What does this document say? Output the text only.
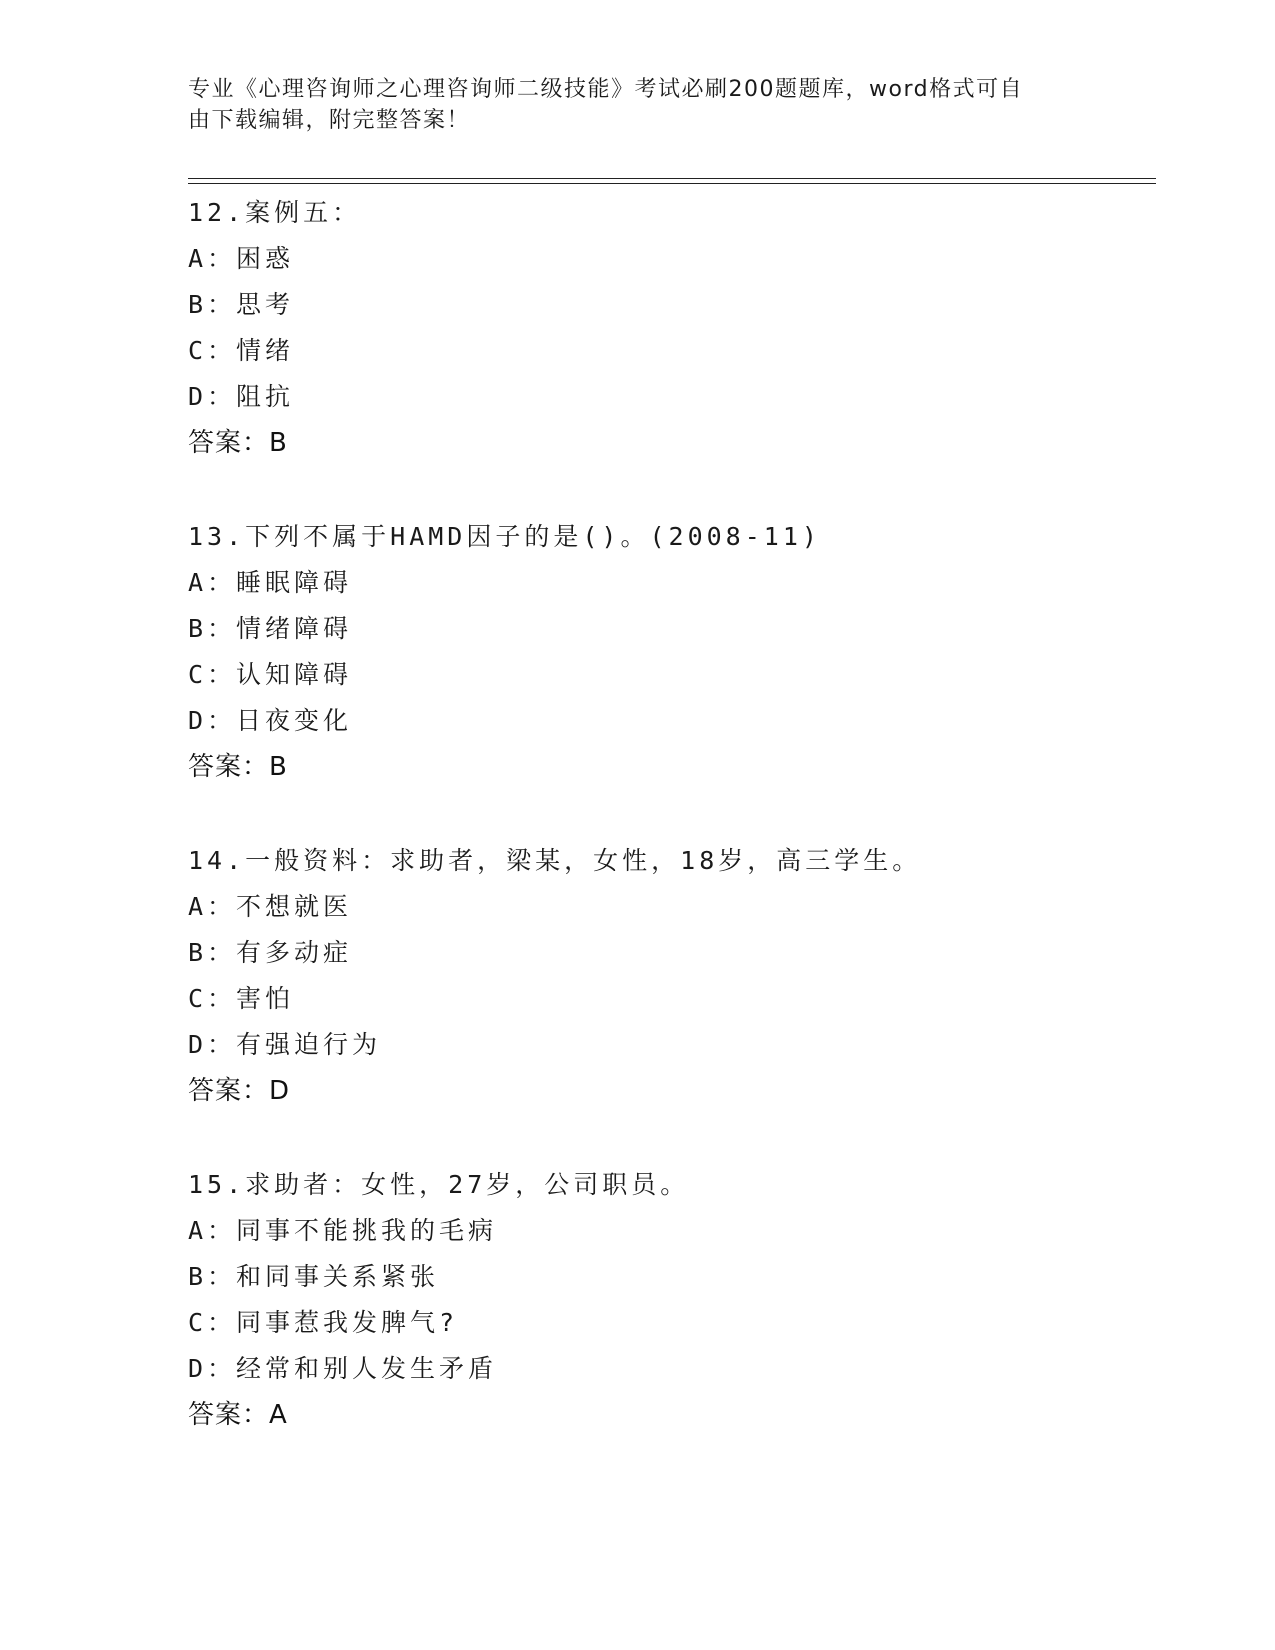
专业《心理咨询师之心理咨询师二级技能》考试必刷200题题库，word格式可自
由下载编辑，附完整答案！
12.案例五：
A：困惑
B：思考
C：情绪
D：阻抗
答案：B
13.下列不属于HAMD因子的是()。(2008-11)
A：睡眠障碍
B：情绪障碍
C：认知障碍
D：日夜变化
答案：B
14.一般资料：求助者，梁某，女性，18岁，高三学生。
A：不想就医
B：有多动症
C：害怕
D：有强迫行为
答案：D
15.求助者：女性，27岁，公司职员。
A：同事不能挑我的毛病
B：和同事关系紧张
C：同事惹我发脾气?
D：经常和别人发生矛盾
答案：A
